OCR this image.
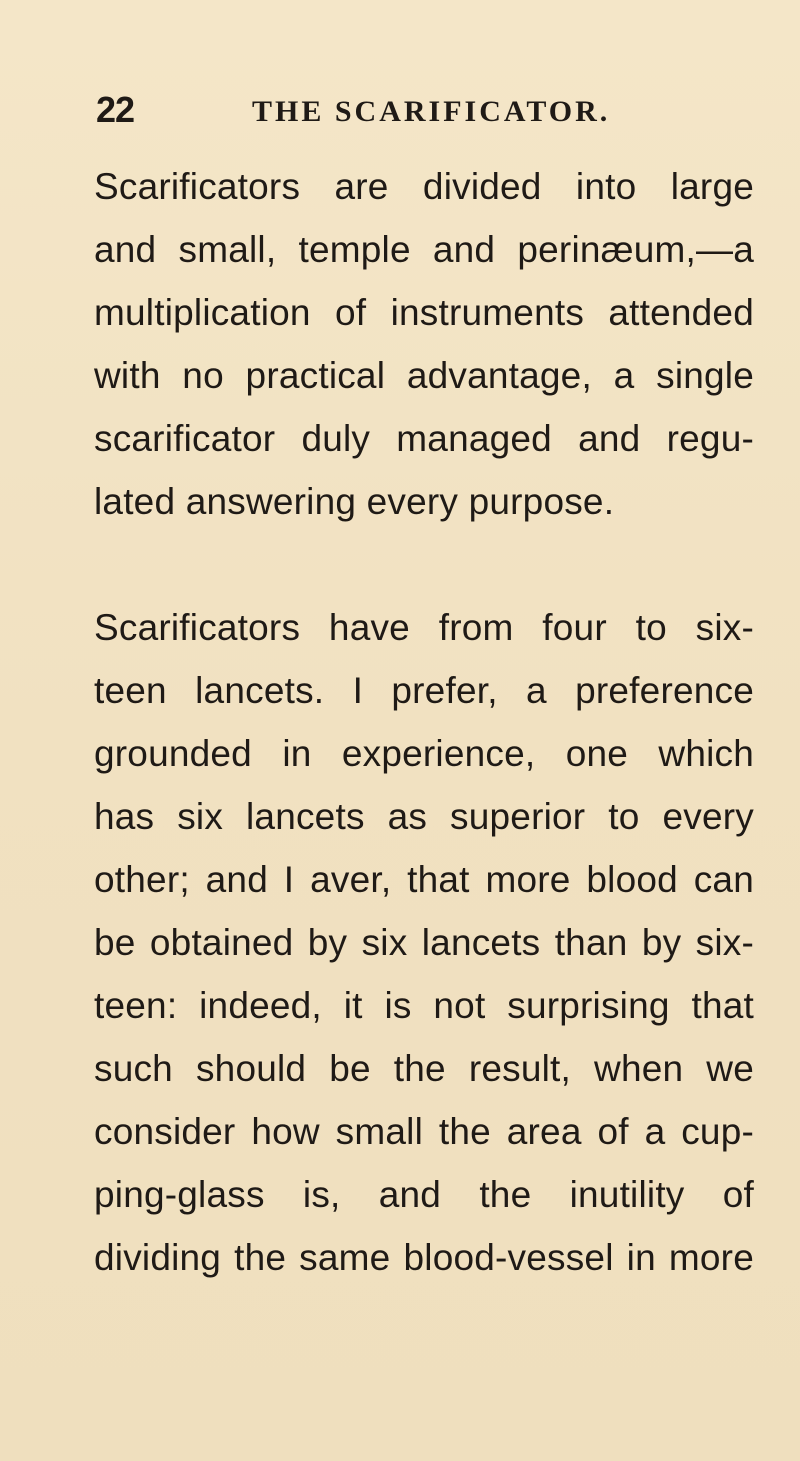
22	THE SCARIFICATOR.

Scarificators are divided into large
and small, temple and perinæum,—a
multiplication of instruments attended
with no practical advantage, a single
scarificator duly managed and regu-
lated answering every purpose.

Scarificators have from four to six-
teen lancets. I prefer, a preference
grounded in experience, one which
has six lancets as superior to every
other; and I aver, that more blood can
be obtained by six lancets than by six-
teen: indeed, it is not surprising that
such should be the result, when we
consider how small the area of a cup-
ping-glass is, and the inutility of
dividing the same blood-vessel in more
